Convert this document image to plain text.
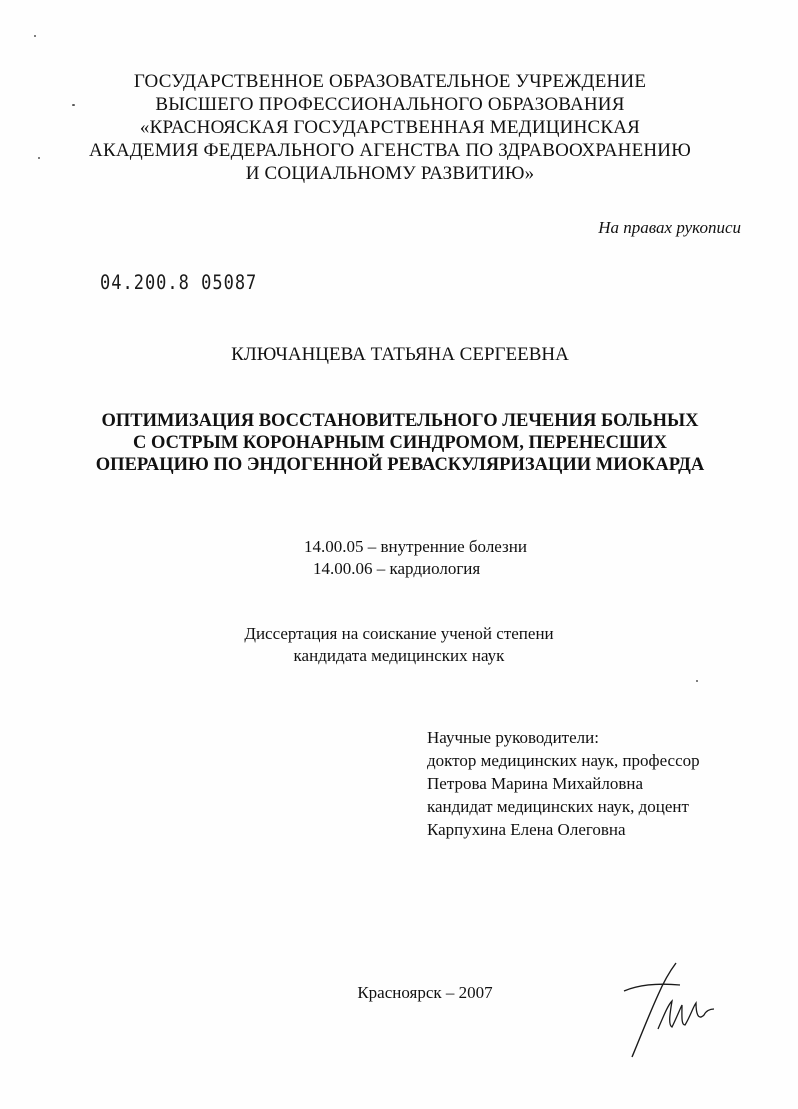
ГОСУДАРСТВЕННОЕ ОБРАЗОВАТЕЛЬНОЕ УЧРЕЖДЕНИЕ
ВЫСШЕГО ПРОФЕССИОНАЛЬНОГО ОБРАЗОВАНИЯ
«КРАСНОЯСКАЯ ГОСУДАРСТВЕННАЯ МЕДИЦИНСКАЯ
АКАДЕМИЯ ФЕДЕРАЛЬНОГО АГЕНСТВА ПО ЗДРАВООХРАНЕНИЮ
И СОЦИАЛЬНОМУ РАЗВИТИЮ»
На правах рукописи
04.200.8 05087
КЛЮЧАНЦЕВА ТАТЬЯНА СЕРГЕЕВНА
ОПТИМИЗАЦИЯ ВОССТАНОВИТЕЛЬНОГО ЛЕЧЕНИЯ БОЛЬНЫХ
С ОСТРЫМ КОРОНАРНЫМ СИНДРОМОМ, ПЕРЕНЕСШИХ
ОПЕРАЦИЮ ПО ЭНДОГЕННОЙ РЕВАСКУЛЯРИЗАЦИИ МИОКАРДА
14.00.05 – внутренние болезни
14.00.06 – кардиология
Диссертация на соискание ученой степени
кандидата медицинских наук
Научные руководители:
доктор медицинских наук, профессор
Петрова Марина Михайловна
кандидат медицинских наук, доцент
Карпухина Елена Олеговна
Красноярск – 2007
